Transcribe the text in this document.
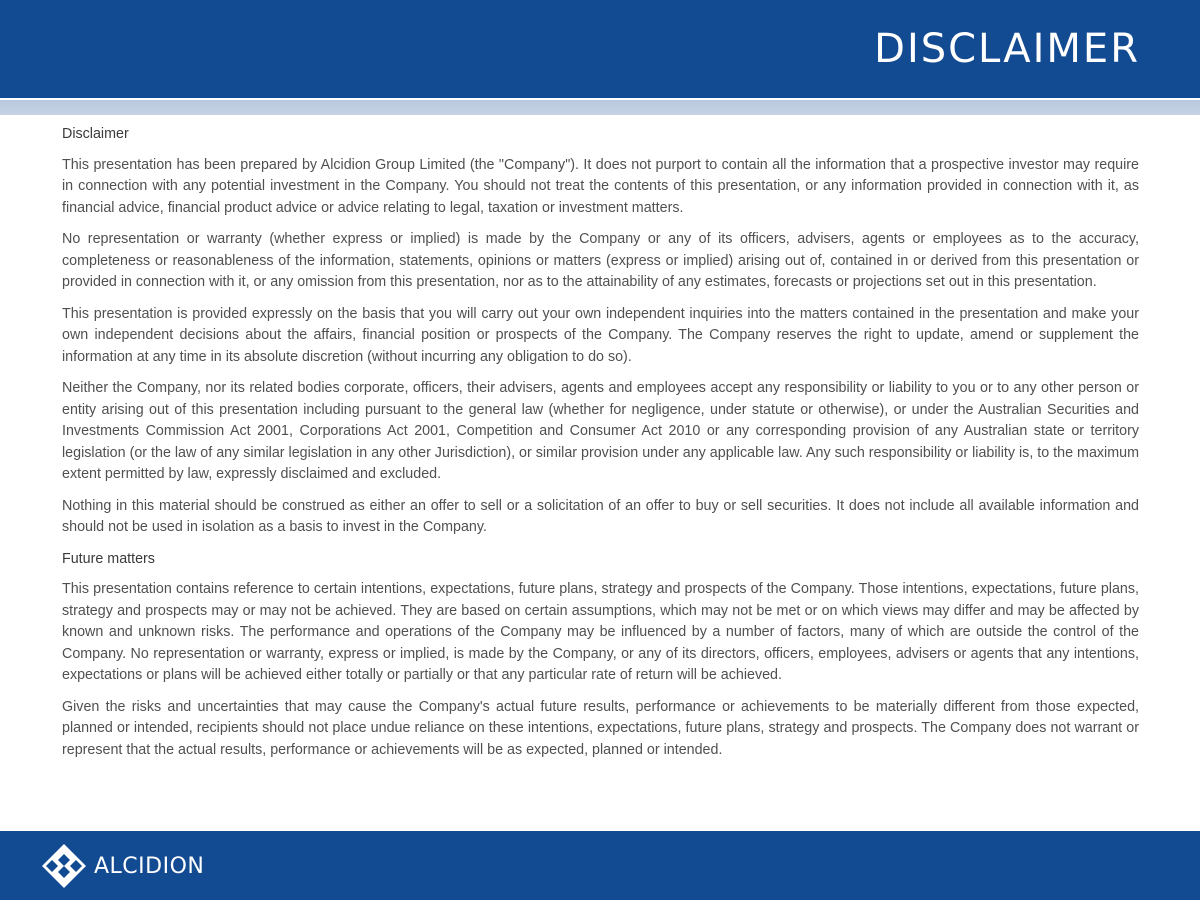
DISCLAIMER

Disclaimer

This presentation has been prepared by Alcidion Group Limited (the "Company"). It does not purport to contain all the information that a prospective investor may require in connection with any potential investment in the Company. You should not treat the contents of this presentation, or any information provided in connection with it, as financial advice, financial product advice or advice relating to legal, taxation or investment matters.

No representation or warranty (whether express or implied) is made by the Company or any of its officers, advisers, agents or employees as to the accuracy, completeness or reasonableness of the information, statements, opinions or matters (express or implied) arising out of, contained in or derived from this presentation or provided in connection with it, or any omission from this presentation, nor as to the attainability of any estimates, forecasts or projections set out in this presentation.

This presentation is provided expressly on the basis that you will carry out your own independent inquiries into the matters contained in the presentation and make your own independent decisions about the affairs, financial position or prospects of the Company. The Company reserves the right to update, amend or supplement the information at any time in its absolute discretion (without incurring any obligation to do so).

Neither the Company, nor its related bodies corporate, officers, their advisers, agents and employees accept any responsibility or liability to you or to any other person or entity arising out of this presentation including pursuant to the general law (whether for negligence, under statute or otherwise), or under the Australian Securities and Investments Commission Act 2001, Corporations Act 2001, Competition and Consumer Act 2010 or any corresponding provision of any Australian state or territory legislation (or the law of any similar legislation in any other Jurisdiction), or similar provision under any applicable law. Any such responsibility or liability is, to the maximum extent permitted by law, expressly disclaimed and excluded.

Nothing in this material should be construed as either an offer to sell or a solicitation of an offer to buy or sell securities. It does not include all available information and should not be used in isolation as a basis to invest in the Company.

Future matters

This presentation contains reference to certain intentions, expectations, future plans, strategy and prospects of the Company. Those intentions, expectations, future plans, strategy and prospects may or may not be achieved. They are based on certain assumptions, which may not be met or on which views may differ and may be affected by known and unknown risks. The performance and operations of the Company may be influenced by a number of factors, many of which are outside the control of the Company. No representation or warranty, express or implied, is made by the Company, or any of its directors, officers, employees, advisers or agents that any intentions, expectations or plans will be achieved either totally or partially or that any particular rate of return will be achieved.

Given the risks and uncertainties that may cause the Company's actual future results, performance or achievements to be materially different from those expected, planned or intended, recipients should not place undue reliance on these intentions, expectations, future plans, strategy and prospects. The Company does not warrant or represent that the actual results, performance or achievements will be as expected, planned or intended.

ALCIDION
